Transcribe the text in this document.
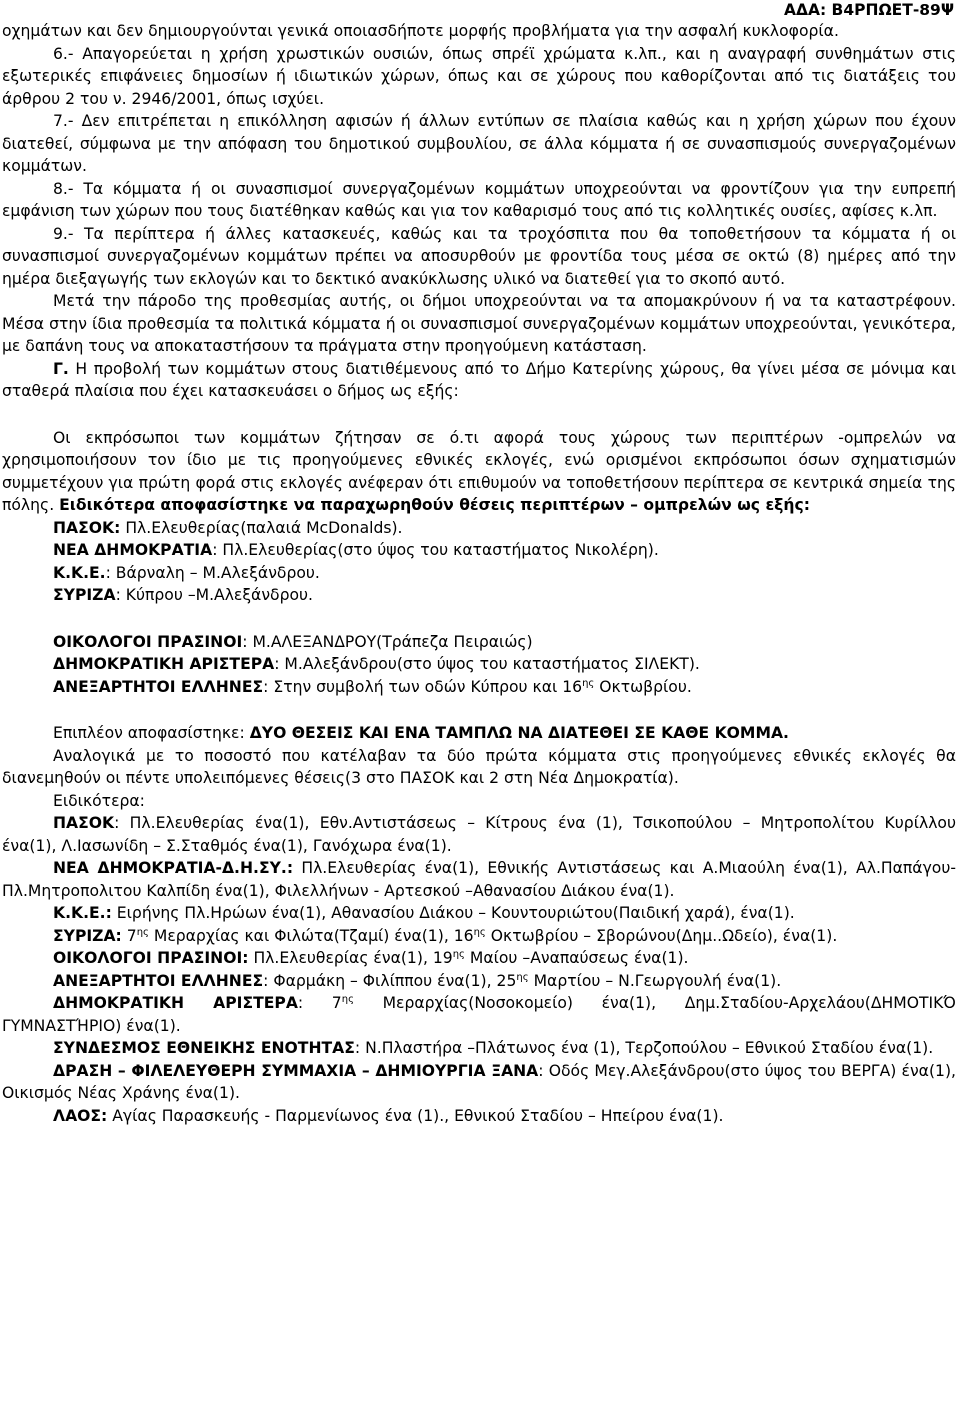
ΑΔΑ: Β4ΡΠΩΕΤ-89Ψ

οχημάτων και δεν δημιουργούνται γενικά οποιασδήποτε μορφής προβλήματα για την ασφαλή κυκλοφορία.

6.- Απαγορεύεται η χρήση χρωστικών ουσιών, όπως σπρέϊ χρώματα κ.λπ., και η αναγραφή συνθημάτων στις εξωτερικές επιφάνειες δημοσίων ή ιδιωτικών χώρων, όπως και σε χώρους που καθορίζονται από τις διατάξεις του άρθρου 2 του ν. 2946/2001, όπως ισχύει.

7.- Δεν επιτρέπεται η επικόλληση αφισών ή άλλων εντύπων σε πλαίσια καθώς και η χρήση χώρων που έχουν διατεθεί, σύμφωνα με την απόφαση του δημοτικού συμβουλίου, σε άλλα κόμματα ή σε συνασπισμούς συνεργαζομένων κομμάτων.

8.- Τα κόμματα ή οι συνασπισμοί συνεργαζομένων κομμάτων υποχρεούνται να φροντίζουν για την ευπρεπή εμφάνιση των χώρων που τους διατέθηκαν καθώς και για τον καθαρισμό τους από τις κολλητικές ουσίες, αφίσες κ.λπ.

9.- Τα περίπτερα ή άλλες κατασκευές, καθώς και τα τροχόσπιτα που θα τοποθετήσουν τα κόμματα ή οι συνασπισμοί συνεργαζομένων κομμάτων πρέπει να αποσυρθούν με φροντίδα τους μέσα σε οκτώ (8) ημέρες από την ημέρα διεξαγωγής των εκλογών και το δεκτικό ανακύκλωσης υλικό να διατεθεί για το σκοπό αυτό.

Μετά την πάροδο της προθεσμίας αυτής, οι δήμοι υποχρεούνται να τα απομακρύνουν ή να τα καταστρέφουν. Μέσα στην ίδια προθεσμία τα πολιτικά κόμματα ή οι συνασπισμοί συνεργαζομένων κομμάτων υποχρεούνται, γενικότερα, με δαπάνη τους να αποκαταστήσουν τα πράγματα στην προηγούμενη κατάσταση.

Γ. Η προβολή των κομμάτων στους διατιθέμενους από το Δήμο Κατερίνης χώρους, θα γίνει μέσα σε μόνιμα και σταθερά πλαίσια που έχει κατασκευάσει ο δήμος ως εξής:

Οι εκπρόσωποι των κομμάτων ζήτησαν σε ό.τι αφορά τους χώρους των περιπτέρων -ομπρελών να χρησιμοποιήσουν τον ίδιο με τις προηγούμενες εθνικές εκλογές, ενώ ορισμένοι εκπρόσωποι όσων σχηματισμών συμμετέχουν για πρώτη φορά στις εκλογές ανέφεραν ότι επιθυμούν να τοποθετήσουν περίπτερα σε κεντρικά σημεία της πόλης. Ειδικότερα αποφασίστηκε να παραχωρηθούν θέσεις περιπτέρων – ομπρελών ως εξής:

ΠΑΣΟΚ: Πλ.Ελευθερίας(παλαιά McDonalds).
ΝΕΑ ΔΗΜΟΚΡΑΤΙΑ: Πλ.Ελευθερίας(στο ύψος του καταστήματος Νικολέρη).
Κ.Κ.Ε.: Βάρναλη – Μ.Αλεξάνδρου.
ΣΥΡΙΖΑ: Κύπρου –Μ.Αλεξάνδρου.
ΟΙΚΟΛΟΓΟΙ ΠΡΑΣΙΝΟΙ: Μ.ΑΛΕΞΑΝΔΡΟΥ(Τράπεζα Πειραιώς)
ΔΗΜΟΚΡΑΤΙΚΗ ΑΡΙΣΤΕΡΑ: Μ.Αλεξάνδρου(στο ύψος του καταστήματος ΣΙΛΕΚΤ).
ΑΝΕΞΑΡΤΗΤΟΙ ΕΛΛΗΝΕΣ: Στην συμβολή των οδών Κύπρου και $16^{\eta\varsigma}$ Οκτωβρίου.

Επιπλέον αποφασίστηκε: ΔΥΟ ΘΕΣΕΙΣ ΚΑΙ ΕΝΑ ΤΑΜΠΛΩ ΝΑ ΔΙΑΤΕΘΕΙ ΣΕ ΚΑΘΕ ΚΟΜΜΑ.

Αναλογικά με το ποσοστό που κατέλαβαν τα δύο πρώτα κόμματα στις προηγούμενες εθνικές εκλογές θα διανεμηθούν οι πέντε υπολειπόμενες θέσεις(3 στο ΠΑΣΟΚ και 2 στη Νέα Δημοκρατία).

Ειδικότερα:

ΠΑΣΟΚ: Πλ.Ελευθερίας ένα(1), Εθν.Αντιστάσεως – Κίτρους ένα (1), Τσικοπούλου – Μητροπολίτου Κυρίλλου ένα(1), Λ.Ιασωνίδη – Σ.Σταθμός ένα(1), Γανόχωρα ένα(1).

ΝΕΑ ΔΗΜΟΚΡΑΤΙΑ-Δ.Η.ΣΥ.: Πλ.Ελευθερίας ένα(1), Εθνικής Αντιστάσεως και Α.Μιαούλη ένα(1), Αλ.Παπάγου-Πλ.Μητροπολιτου Καλπίδη ένα(1), Φιλελλήνων - Αρτεσκού –Αθανασίου Διάκου ένα(1).

Κ.Κ.Ε.: Ειρήνης Πλ.Ηρώων ένα(1), Αθανασίου Διάκου – Κουντουριώτου(Παιδική χαρά), ένα(1).

ΣΥΡΙΖΑ: $7^{\eta\varsigma}$ Μεραρχίας και Φιλώτα(Τζαμί) ένα(1), $16^{\eta\varsigma}$ Οκτωβρίου – Σβορώνου(Δημ..Ωδείο), ένα(1).

ΟΙΚΟΛΟΓΟΙ ΠΡΑΣΙΝΟΙ: Πλ.Ελευθερίας ένα(1), $19^{\eta\varsigma}$ Μαίου –Αναπαύσεως ένα(1).

ΑΝΕΞΑΡΤΗΤΟΙ ΕΛΛΗΝΕΣ: Φαρμάκη – Φιλίππου ένα(1), $25^{\eta\varsigma}$ Μαρτίου – Ν.Γεωργουλή ένα(1).

ΔΗΜΟΚΡΑΤΙΚΗ ΑΡΙΣΤΕΡΑ: $7^{\eta\varsigma}$ Μεραρχίας(Νοσοκομείο) ένα(1), Δημ.Σταδίου-Αρχελάου(ΔΗΜΟΤΙΚΌ ΓΥΜΝΑΣΤΉΡΙΟ) ένα(1).

ΣΥΝΔΕΣΜΟΣ ΕΘΝΕΙΚΗΣ ΕΝΟΤΗΤΑΣ: Ν.Πλαστήρα –Πλάτωνος ένα (1), Τερζοπούλου – Εθνικού Σταδίου ένα(1).

ΔΡΑΣΗ – ΦΙΛΕΛΕΥΘΕΡΗ ΣΥΜΜΑΧΙΑ – ΔΗΜΙΟΥΡΓΙΑ ΞΑΝΑ: Οδός Μεγ.Αλεξάνδρου(στο ύψος του ΒΕΡΓΑ) ένα(1), Οικισμός Νέας Χράνης ένα(1).

ΛΑΟΣ: Αγίας Παρασκευής - Παρμενίωνος ένα (1)., Εθνικού Σταδίου – Ηπείρου ένα(1).
